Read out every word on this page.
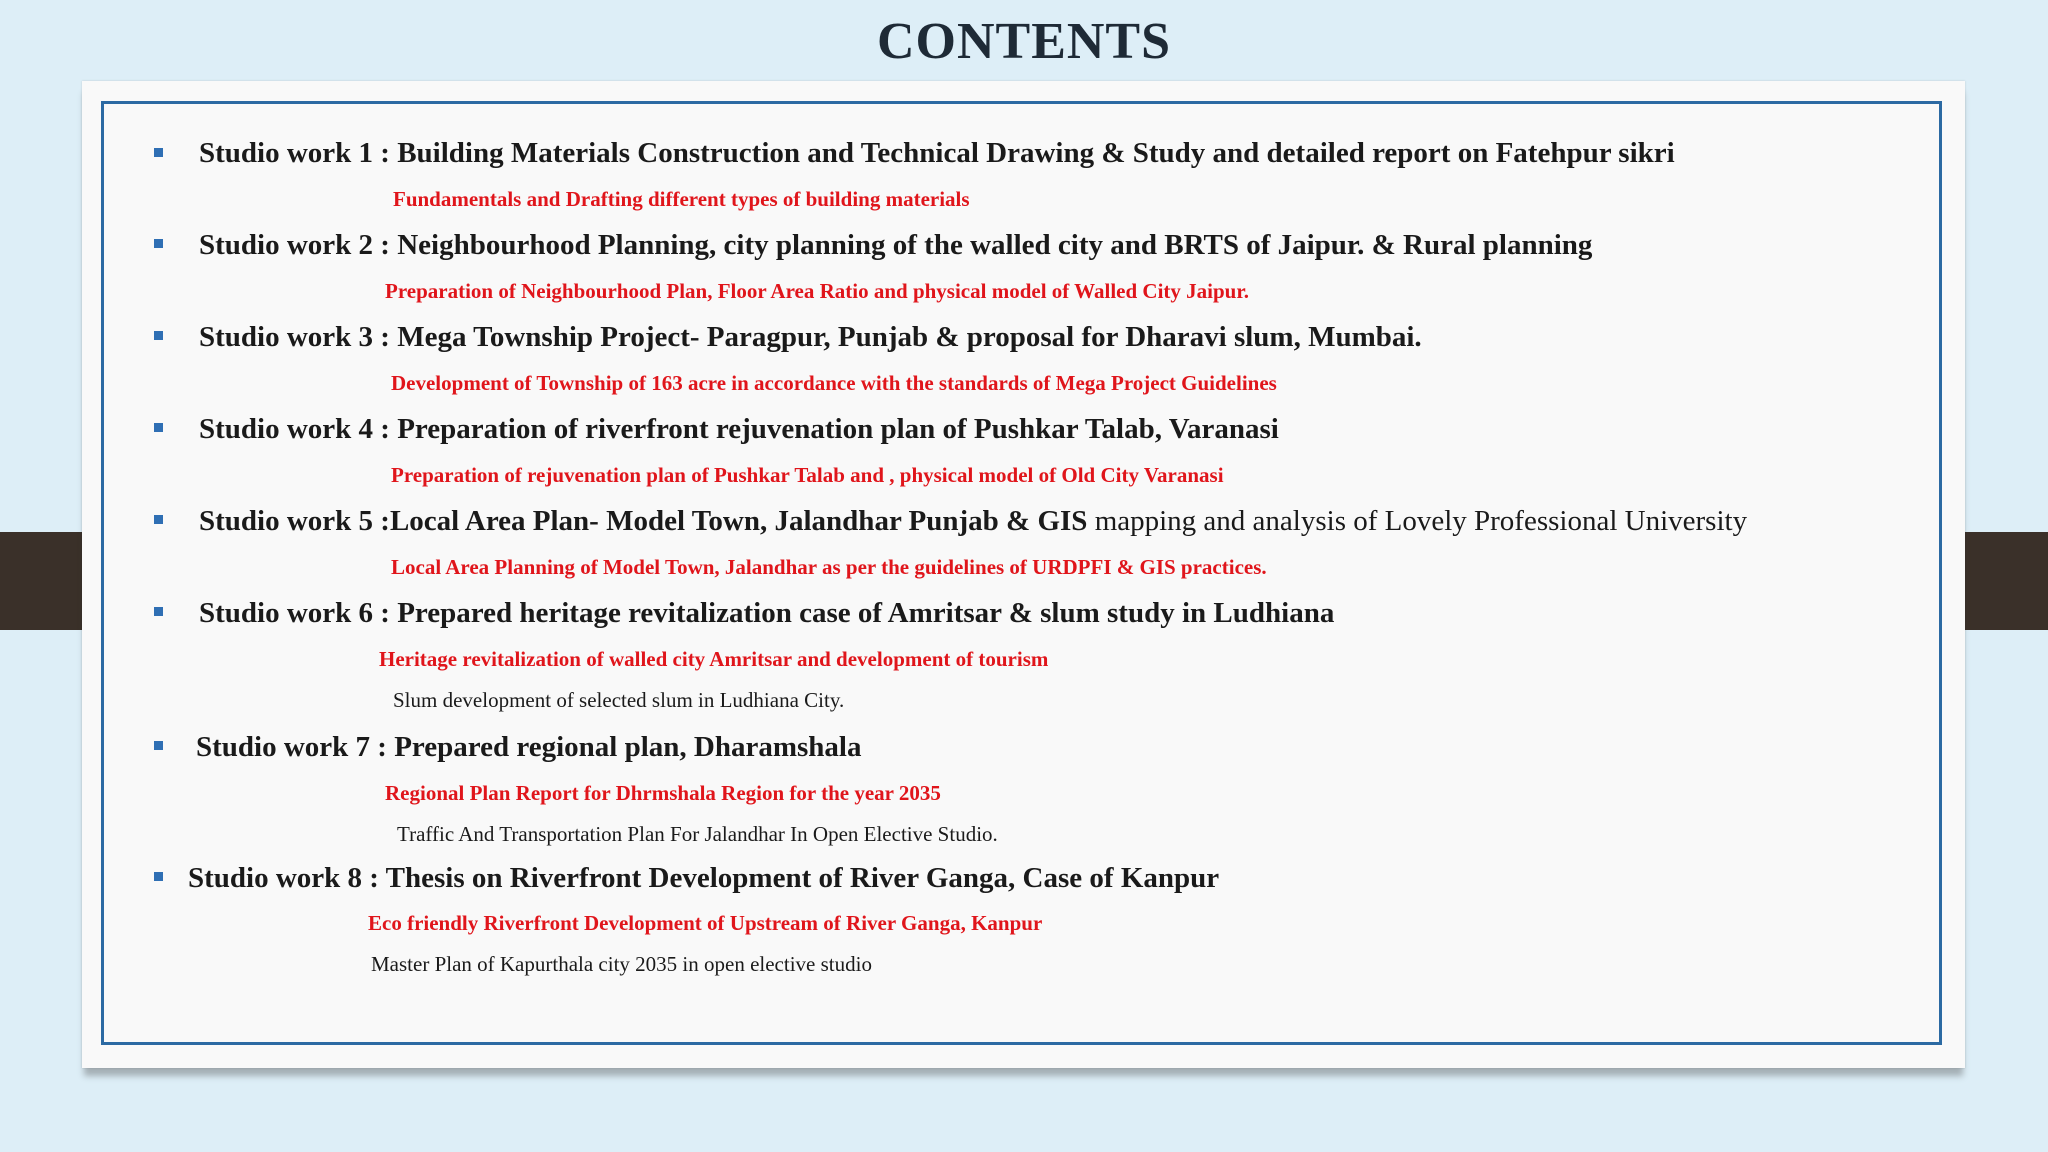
CONTENTS
Studio work 1 : Building Materials Construction and Technical Drawing & Study and detailed report on Fatehpur sikri
Fundamentals and Drafting different types of building materials
Studio work 2 : Neighbourhood Planning, city planning of the walled city and BRTS of Jaipur. & Rural planning
Preparation of Neighbourhood Plan, Floor Area Ratio and physical model of Walled City Jaipur.
Studio work 3 : Mega Township Project- Paragpur, Punjab & proposal for Dharavi slum, Mumbai.
Development of Township of 163 acre in accordance with the standards of Mega Project Guidelines
Studio work 4 : Preparation of riverfront rejuvenation plan of Pushkar Talab, Varanasi
Preparation of rejuvenation plan of Pushkar Talab and , physical model of Old City Varanasi
Studio work 5 :Local Area Plan- Model Town, Jalandhar Punjab & GIS mapping and analysis of Lovely Professional University
Local Area Planning of Model Town, Jalandhar as per the guidelines of URDPFI & GIS practices.
Studio work 6 : Prepared heritage revitalization case of Amritsar & slum study in Ludhiana
Heritage revitalization of walled city Amritsar and development of tourism
Slum development of selected slum in Ludhiana City.
Studio work 7 : Prepared regional plan, Dharamshala
Regional Plan Report for Dhrmshala Region for the year 2035
Traffic And Transportation Plan For Jalandhar In Open Elective Studio.
Studio work 8 : Thesis on Riverfront Development of River Ganga, Case of Kanpur
Eco friendly Riverfront Development of Upstream of River Ganga, Kanpur
Master Plan of Kapurthala city 2035 in open elective studio
